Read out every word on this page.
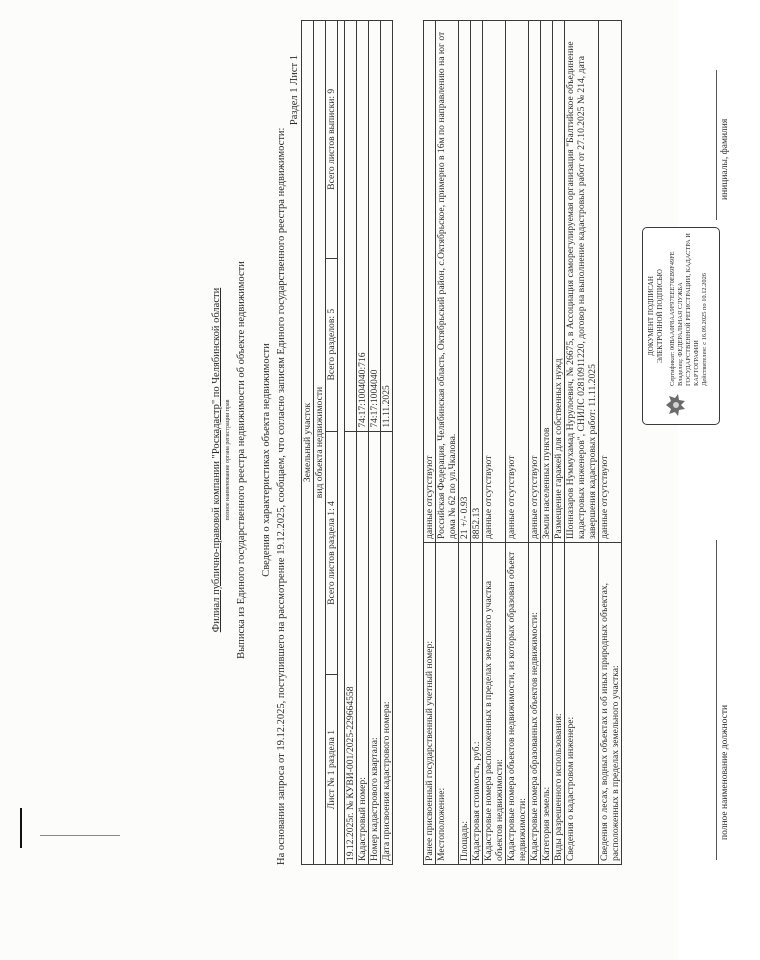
Филиал публично-правовой компании "Роскадастр" по Челябинской области полное наименование органа регистрации прав Выписка из Единого государственного реестра недвижимости об объекте недвижимости Сведения о характеристиках объекта недвижимости На основании запроса от 19.12.2025, поступившего на рассмотрение 19.12.2025, сообщаем, что согласно записям Единого государственного реестра недвижимости:
Раздел 1 Лист 1
Земельный участок			
вид объекта недвижимости			
Лист № 1 раздела 1	Всего листов раздела 1: 4	Всего разделов: 5	Всего листов выписки: 9

19.12.2025г. № КУВИ-001/2025-229664558			
Кадастровый номер:		74:17:1004040:716	
Номер кадастрового квартала:		74:17:1004040	
Дата присвоения кадастрового номера:		11.11.2025	
Ранее присвоенный государственный учетный номер:	данные отсутствуют
Местоположение:	Российская Федерация, Челябинская область, Октябрьский район, с.Октябрьское, примерно в 16м по направлению на юг от дома № 62 по ул.Чкалова.
Площадь:	21 +/- 0.93
Кадастровая стоимость, руб.:	8852.13
Кадастровые номера расположенных в пределах земельного участка объектов недвижимости:	данные отсутствуют
Кадастровые номера объектов недвижимости, из которых образован объект недвижимости:	данные отсутствуют
Кадастровые номера образованных объектов недвижимости:	данные отсутствуют
Категория земель:	Земли населенных пунктов
Виды разрешенного использования:	Размещение гаражей для собственных нужд
Сведения о кадастровом инженере:	Шонназаров Нуммухамад Нурулоевич, № 26675, в Ассоциация саморегулируемая организация "Балтийское объединение кадастровых инженеров", СНИЛС 02810911220, договор на выполнение кадастровых работ от 27.10.2025 № 214, дата завершения кадастровых работ: 11.11.2025
Сведения о лесах, водных объектах и об иных природных объектах, расположенных в пределах земельного участка:	данные отсутствуют
полное наименование должности
инициалы, фамилия
ДОКУМЕНТ ПОДПИСАН ЭЛЕКТРОННОЙ ПОДПИСЬЮ Сертификат: 00ВАА0F8АА9F97ЕЕЕ70ЕВ9F49FЕ Владелец: ФЕДЕРАЛЬНАЯ СЛУЖБА ГОСУДАРСТВЕННОЙ РЕГИСТРАЦИИ, КАДАСТРА И КАРТОГРАФИИ Действителен: с 16.09.2025 по 10.12.2026
